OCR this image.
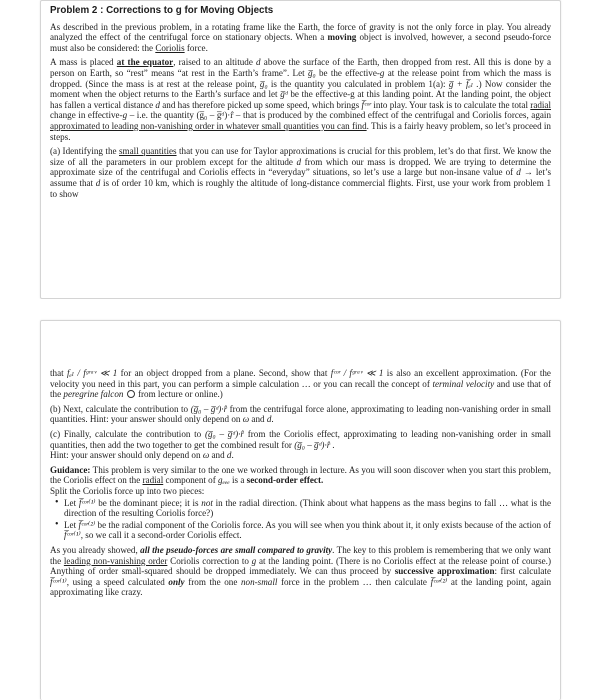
Problem 2 : Corrections to g for Moving Objects

As described in the previous problem, in a rotating frame like the Earth, the force of gravity is not the only force in play. You already analyzed the effect of the centrifugal force on stationary objects. When a moving object is involved, however, a second pseudo-force must also be considered: the Coriolis force.

A mass is placed at the equator, raised to an altitude d above the surface of the Earth, then dropped from rest. All this is done by a person on Earth, so “rest” means “at rest in the Earth’s frame”. Let g̅₀ be the effective-g at the release point from which the mass is dropped. (Since the mass is at rest at the release point, g̅₀ is the quantity you calculated in problem 1(a): g̅ + f̅ₑₗ .) Now consider the moment when the object returns to the Earth’s surface and let g̅ᵈ be the effective-g at this landing point. At the landing point, the object has fallen a vertical distance d and has therefore picked up some speed, which brings f̅ᶜᵒʳ into play. Your task is to calculate the total radial change in effective-g – i.e. the quantity (g̅₀ – g̅ᵈ)·r̂ – that is produced by the combined effect of the centrifugal and Coriolis forces, again approximated to leading non-vanishing order in whatever small quantities you can find. This is a fairly heavy problem, so let’s proceed in steps.

(a) Identifying the small quantities that you can use for Taylor approximations is crucial for this problem, let’s do that first. We know the size of all the parameters in our problem except for the altitude d from which our mass is dropped. We are trying to determine the approximate size of the centrifugal and Coriolis effects in “everyday” situations, so let’s use a large but non-insane value of d → let’s assume that d is of order 10 km, which is roughly the altitude of long-distance commercial flights. First, use your work from problem 1 to show

that fₑₗ / fᵍʳᵃᵛ ≪ 1 for an object dropped from a plane. Second, show that fᶜᵒʳ / fᵍʳᵃᵛ ≪ 1 is also an excellent approximation. (For the velocity you need in this part, you can perform a simple calculation … or you can recall the concept of terminal velocity and use that of the peregrine falcon  from lecture or online.)

(b) Next, calculate the contribution to (g̅₀ – g̅ᵈ)·r̂ from the centrifugal force alone, approximating to leading non-vanishing order in small quantities. Hint: your answer should only depend on ω and d.

(c) Finally, calculate the contribution to (g̅₀ – g̅ᵈ)·r̂ from the Coriolis effect, approximating to leading non-vanishing order in small quantities, then add the two together to get the combined result for (g̅₀ – g̅ᵈ)·r̂ .
Hint: your answer should only depend on ω and d.

Guidance: This problem is very similar to the one we worked through in lecture. As you will soon discover when you start this problem, the Coriolis effect on the radial component of gₑₑₑ is a second-order effect.

Split the Coriolis force up into two pieces:

• Let f̅ᶜᵒʳ⁽¹⁾ be the dominant piece; it is not in the radial direction. (Think about what happens as the mass begins to fall … what is the direction of the resulting Coriolis force?)
• Let f̅ᶜᵒʳ⁽²⁾ be the radial component of the Coriolis force. As you will see when you think about it, it only exists because of the action of f̅ᶜᵒʳ⁽¹⁾, so we call it a second-order Coriolis effect.

As you already showed, all the pseudo-forces are small compared to gravity. The key to this problem is remembering that we only want the leading non-vanishing order Coriolis correction to g at the landing point. (There is no Coriolis effect at the release point of course.) Anything of order small-squared should be dropped immediately. We can thus proceed by successive approximation: first calculate f̅ᶜᵒʳ⁽¹⁾, using a speed calculated only from the one non-small force in the problem … then calculate f̅ᶜᵒʳ⁽²⁾ at the landing point, again approximating like crazy.
